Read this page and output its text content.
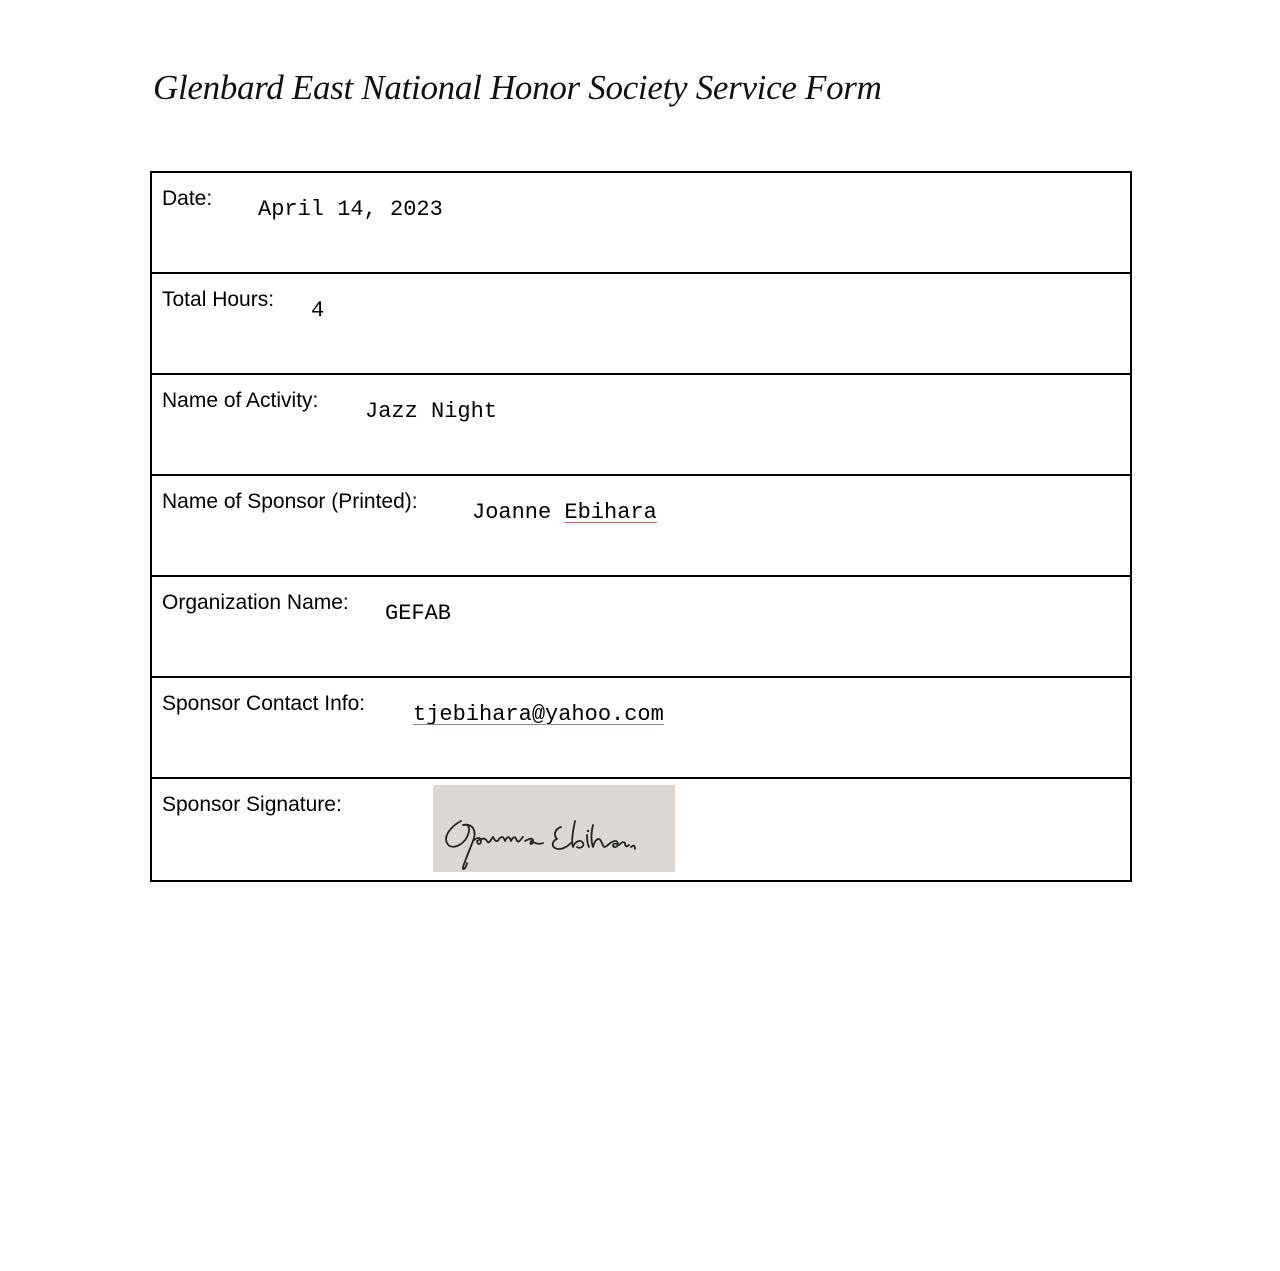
Glenbard East National Honor Society Service Form
Date: April 14, 2023

Total Hours: 4

Name of Activity: Jazz Night

Name of Sponsor (Printed): Joanne Ebihara

Organization Name: GEFAB

Sponsor Contact Info: tjebihara@yahoo.com

Sponsor Signature:
